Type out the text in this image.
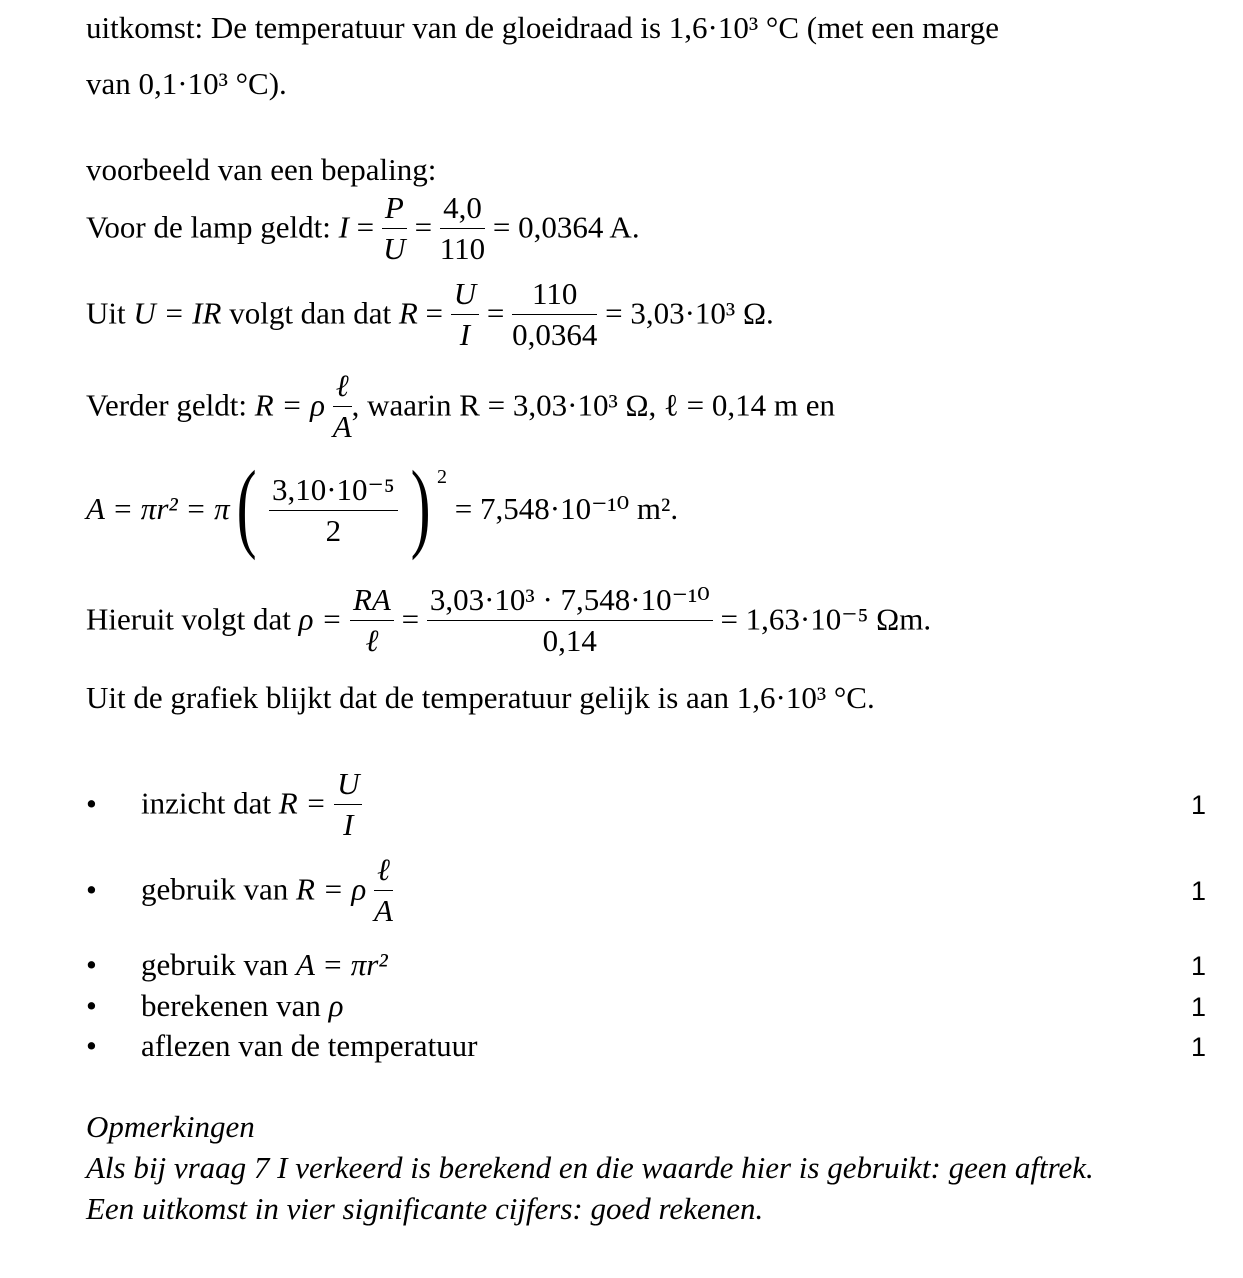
uitkomst: De temperatuur van de gloeidraad is 1,6·10³ °C (met een marge
van 0,1·10³ °C).
voorbeeld van een bepaling:
Voor de lamp geldt: $I = \frac{P}{U} = \frac{4,0}{110} = 0,0364$ A.
Uit U = IR volgt dan dat $R = \frac{U}{I} = \frac{110}{0,0364} = 3,03\cdot 10^3$ Ω.
Verder geldt: R = ρ $\frac{\text{ℓ}}{A}$ , waarin R = 3,03·10³ Ω, ℓ = 0,14 m en
$A = \pi r^2 = \pi( \frac{\text{3,10·10⁻⁵}}{2}$ ) $^2$ = 7,548·10⁻¹⁰ m².
Hieruit volgt dat $\rho = \frac{RA}{\text{ℓ}} = \frac{\text{3,03·10³ · 7,548·10⁻¹⁰}}{0,14} = 1,63\cdot 10^{-5}$ Ωm.
Uit de grafiek blijkt dat de temperatuur gelijk is aan 1,6·10³ °C.
• inzicht dat $R = \frac{U}{I}$	1
• gebruik van R = ρ $\frac{\text{ℓ}}{A}$	1
• gebruik van A = πr²	1
• berekenen van ρ	1
• aflezen van de temperatuur	1
Opmerkingen
Als bij vraag 7 I verkeerd is berekend en die waarde hier is gebruikt: geen aftrek.
Een uitkomst in vier significante cijfers: goed rekenen.
